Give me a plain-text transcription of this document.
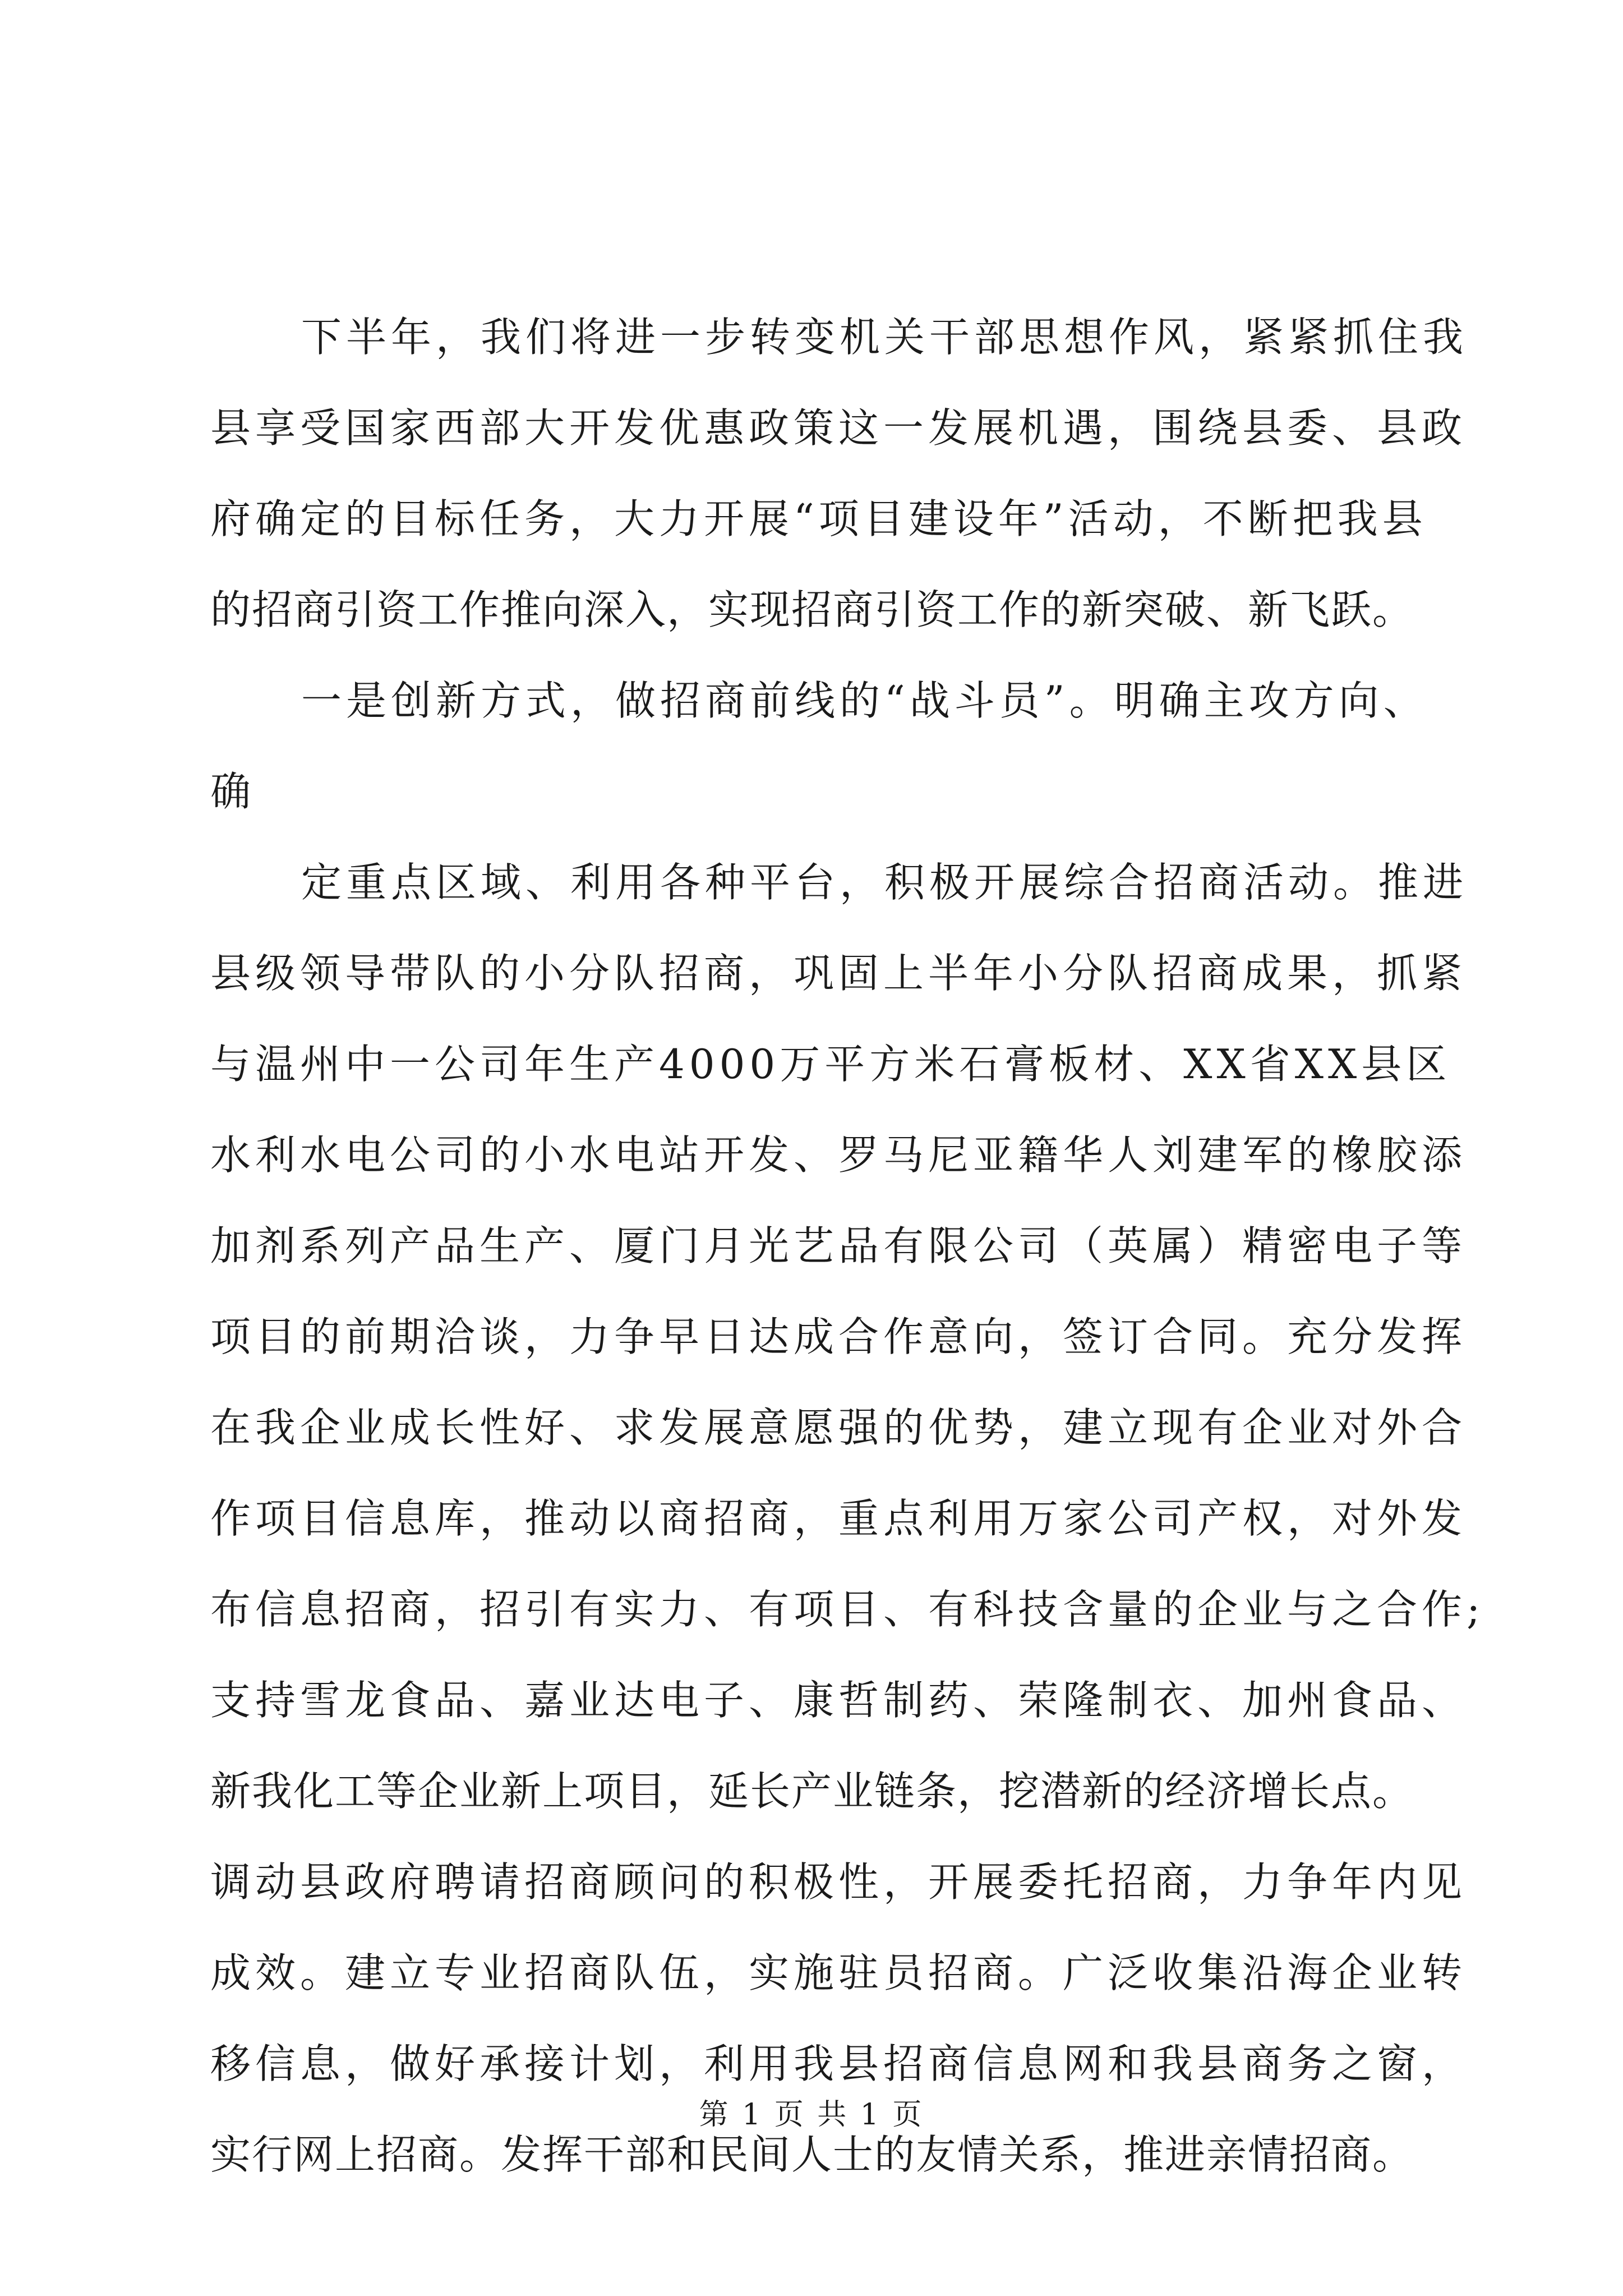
下半年，我们将进一步转变机关干部思想作风，紧紧抓住我
县享受国家西部大开发优惠政策这一发展机遇，围绕县委、县政
府确定的目标任务，大力开展“项目建设年”活动，不断把我县
的招商引资工作推向深入，实现招商引资工作的新突破、新飞跃。
一是创新方式，做招商前线的“战斗员”。明确主攻方向、
确
定重点区域、利用各种平台，积极开展综合招商活动。推进
县级领导带队的小分队招商，巩固上半年小分队招商成果，抓紧
与温州中一公司年生产4000万平方米石膏板材、XX省XX县区
水利水电公司的小水电站开发、罗马尼亚籍华人刘建军的橡胶添
加剂系列产品生产、厦门月光艺品有限公司（英属）精密电子等
项目的前期洽谈，力争早日达成合作意向，签订合同。充分发挥
在我企业成长性好、求发展意愿强的优势，建立现有企业对外合
作项目信息库，推动以商招商，重点利用万家公司产权，对外发
布信息招商，招引有实力、有项目、有科技含量的企业与之合作;
支持雪龙食品、嘉业达电子、康哲制药、荣隆制衣、加州食品、
新我化工等企业新上项目，延长产业链条，挖潜新的经济增长点。
调动县政府聘请招商顾问的积极性，开展委托招商，力争年内见
成效。建立专业招商队伍，实施驻员招商。广泛收集沿海企业转
移信息，做好承接计划，利用我县招商信息网和我县商务之窗，
实行网上招商。发挥干部和民间人士的友情关系，推进亲情招商。
第 1 页 共 1 页
